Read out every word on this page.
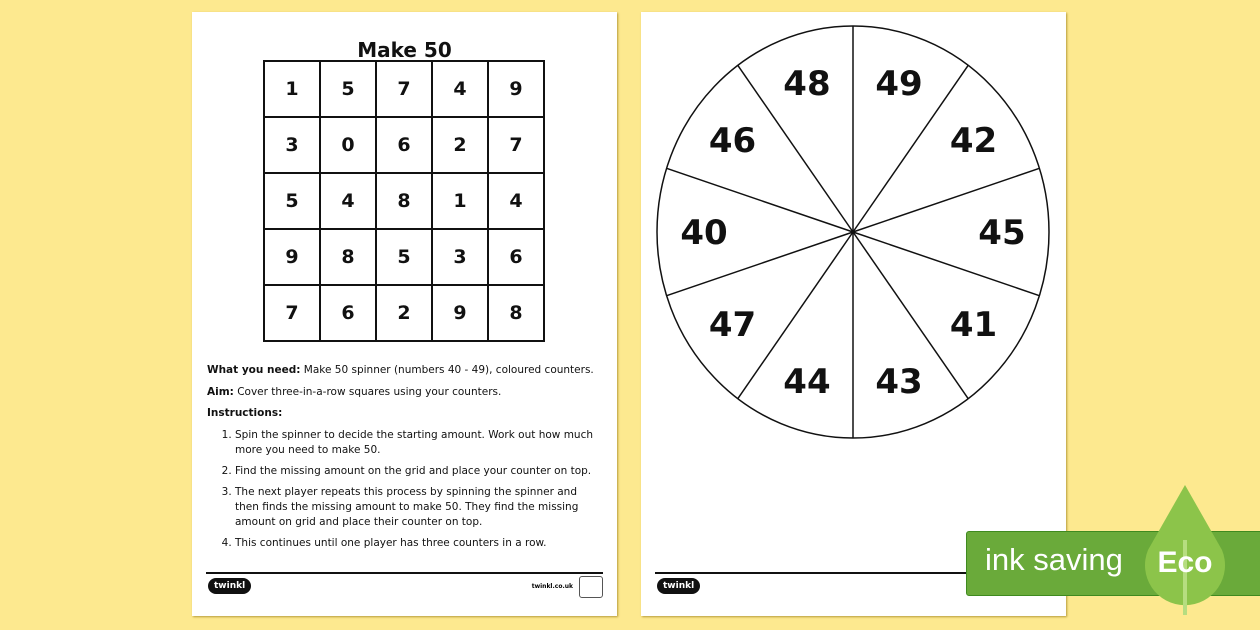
Make 50
1	5	7	4	9
3	0	6	2	7
5	4	8	1	4
9	8	5	3	6
7	6	2	9	8
What you need: Make 50 spinner (numbers 40 - 49), coloured counters.
Aim: Cover three-in-a-row squares using your counters.
Instructions:
1. Spin the spinner to decide the starting amount. Work out how much more you need to make 50.
2. Find the missing amount on the grid and place your counter on top.
3. The next player repeats this process by spinning the spinner and then finds the missing amount to make 50. They find the missing amount on grid and place their counter on top.
4. This continues until one player has three counters in a row.
twinkl	twinkl.co.uk
49
42
45
41
43
44
47
40
46
48
twinkl
ink saving Eco
